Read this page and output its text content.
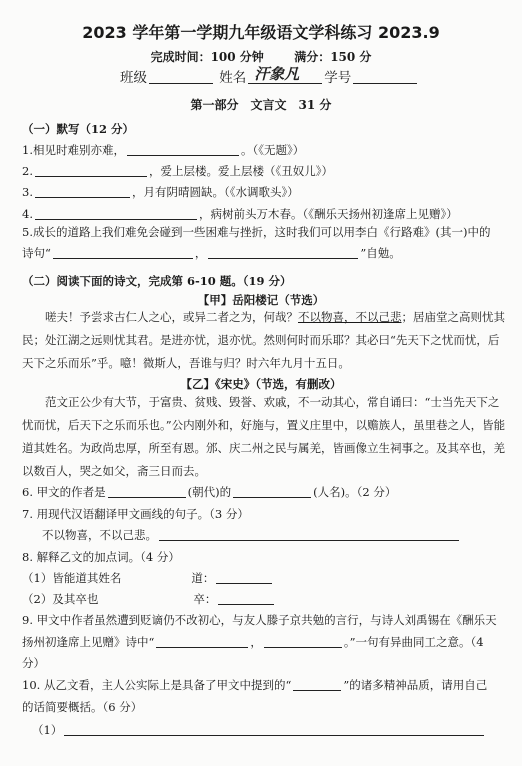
2023 学年第一学期九年级语文学科练习 2023.9
完成时间：100 分钟	满分：150 分
班级	姓名 汗象凡 学号
第一部分　文言文　31 分
（一）默写（12 分）
1.相见时难别亦难，	。（《无题》）
2.	，爱上层楼。爱上层楼（《丑奴儿》）
3.	，月有阴晴圆缺。（《水调歌头》）
4.	，病树前头万木春。（《酬乐天扬州初逢席上见赠》）
5.成长的道路上我们难免会碰到一些困难与挫折，这时我们可以用李白《行路难》(其一)中的
诗句“	，	”自勉。
（二）阅读下面的诗文，完成第 6-10 题。（19 分）
【甲】岳阳楼记（节选）
嗟夫！予尝求古仁人之心，或异二者之为，何哉？不以物喜，不以己悲；居庙堂之高则忧其民；处江湖之远则忧其君。是进亦忧，退亦忧。然则何时而乐耶？其必曰“先天下之忧而忧，后天下之乐而乐”乎。噫！微斯人，吾谁与归？时六年九月十五日。
【乙】《宋史》（节选，有删改）
范文正公少有大节，于富贵、贫贱、毁誉、欢戚，不一动其心，常自诵曰：“士当先天下之忧而忧，后天下之乐而乐也。”公内刚外和，好施与，置义庄里中，以赡族人，虽里巷之人，皆能道其姓名。为政尚忠厚，所至有恩。邠、庆二州之民与属羌，皆画像立生祠事之。及其卒也，羌以数百人，哭之如父，斋三日而去。
6. 甲文的作者是	(朝代)的	(人名)。（2 分）
7. 用现代汉语翻译甲文画线的句子。（3 分）
不以物喜，不以己悲。
8. 解释乙文的加点词。（4 分）
（1）皆能道其姓名	道：
（2）及其卒也	卒：
9. 甲文中作者虽然遭到贬谪仍不改初心，与友人滕子京共勉的言行，与诗人刘禹锡在《酬乐天
扬州初逢席上见赠》诗中“	，	。”一句有异曲同工之意。（4
分）
10. 从乙文看，主人公实际上是具备了甲文中提到的“	”的诸多精神品质，请用自己
的话简要概括。（6 分）
（1）
